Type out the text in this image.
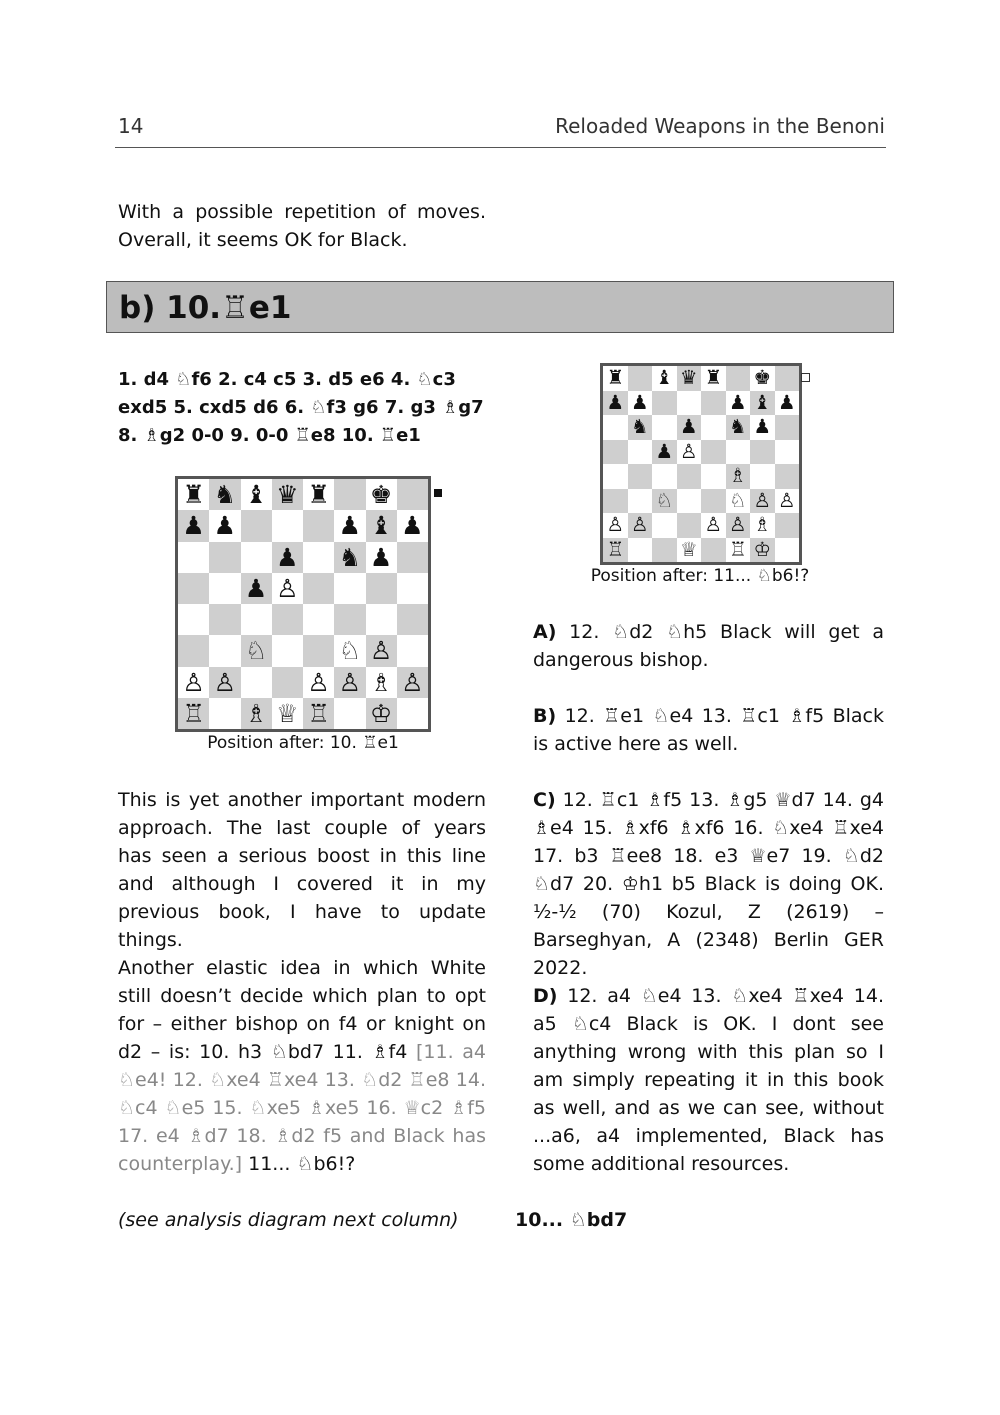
14	Reloaded Weapons in the Benoni
With a possible repetition of moves. Overall, it seems OK for Black.
b) 10.♖e1
1. d4 ♘f6 2. c4 c5 3. d5 e6 4. ♘c3 exd5 5. cxd5 d6 6. ♘f3 g6 7. g3 ♗g7 8. ♗g2 0-0 9. 0-0 ♖e8 10. ♖e1
♜ ♞ ♝ ♛ ♜ ♚
♟ ♟	♟ ♝ ♟
♟ ♞ ♟
♟ ♙
♘	♘ ♙
♙ ♙	♙ ♙ ♗ ♙
♖ ♗ ♕ ♖ ♔
Position after: 10. ♖e1
♜ ♝ ♛ ♜ ♚
♟ ♟	♟ ♝ ♟
♞ ♟ ♞ ♟
♟ ♙
♗
♘	♘ ♙ ♙
♙ ♙	♙ ♙ ♗
♖	♕ ♖ ♔
Position after: 11... ♘b6!?
This is yet another important modern approach. The last couple of years has seen a serious boost in this line and although I covered it in my previous book, I have to update things.
Another elastic idea in which White still doesn’t decide which plan to opt for – either bishop on f4 or knight on d2 – is: 10. h3 ♘bd7 11. ♗f4 [11. a4 ♘e4! 12. ♘xe4 ♖xe4 13. ♘d2 ♖e8 14. ♘c4 ♘e5 15. ♘xe5 ♗xe5 16. ♕c2 ♗f5 17. e4 ♗d7 18. ♗d2 f5 and Black has counterplay.] 11... ♘b6!?
(see analysis diagram next column)
A) 12. ♘d2 ♘h5 Black will get a dangerous bishop.
B) 12. ♖e1 ♘e4 13. ♖c1 ♗f5 Black is active here as well.
C) 12. ♖c1 ♗f5 13. ♗g5 ♕d7 14. g4 ♗e4 15. ♗xf6 ♗xf6 16. ♘xe4 ♖xe4 17. b3 ♖ee8 18. e3 ♕e7 19. ♘d2 ♘d7 20. ♔h1 b5 Black is doing OK. ½-½ (70) Kozul, Z (2619) – Barseghyan, A (2348) Berlin GER 2022.
D) 12. a4 ♘e4 13. ♘xe4 ♖xe4 14. a5 ♘c4 Black is OK. I dont see anything wrong with this plan so I am simply repeating it in this book as well, and as we can see, without ...a6, a4 implemented, Black has some additional resources.
10... ♘bd7
